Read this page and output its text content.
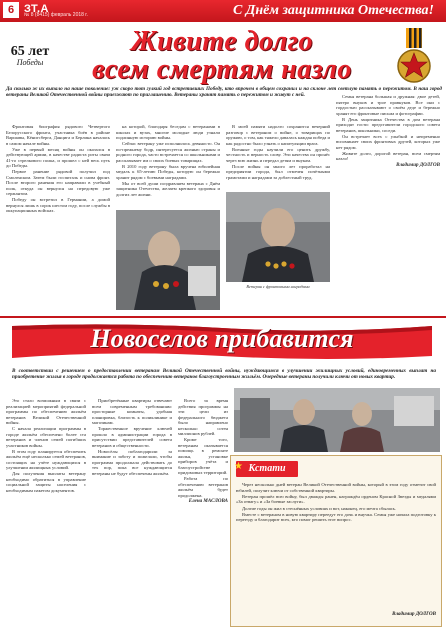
6 ЗТ.А
№ 8 (8415) февраль 2018 г.	С Днём защитника Отечества!
65 лет
Победы
Живите долго
всем смертям назло
Да сколько ж их выпало на наше поколение: уж скоро тот гулкий год встретивших Победу, кто впрочем в общем сохранил и на склоне лет светлую память о пережитом. В наш город ветераны Великой Отечественной войны приезжают по приглашению. Ветераны хранят память о пережитом и живут с ней.

Фронтовая биография рядового Четвертого Белорусского фронта, участника боёв в районе Варшавы, Кёнигсберга, Данцига и Берлина началась в самом начале войны.

Уже в первый месяц войны он оказался в действующей армии, в качестве радиста роты связи 41-го стрелкового полка, и прошел с ней весь путь до Победы.

Первое ранение рядовой получил под Смоленском. Затем были госпиталь и снова фронт. После второго ранения его направили в учебный полк, откуда он вернулся на передовую уже сержантом.

Победу он встретил в Германии, а домой вернулся лишь в сорок шестом году, после службы в оккупационных войсках.

на которой, благодаря беседам с ветеранами в школах и вузах, многие молодые люди узнали подлинную историю войны.

Сейчас ветерану уже исполнилось девяносто. Он по-прежнему бодр, интересуется жизнью страны и родного города, часто встречается со школьниками и рассказывает им о своих боевых товарищах.

В 2010 году ветерану была вручена юбилейная медаль к 65-летию Победы, которую он бережно хранит рядом с боевыми наградами.

Мы от всей души поздравляем ветерана с Днём защитника Отечества, желаем крепкого здоровья и долгих лет жизни.

В моей памяти надолго сохранится вечерний разговор с ветераном о войне, о товарищах по оружию, о том, как тяжело давалась каждая победа и как радостно было узнать о капитуляции врага.

Военные годы научили его ценить дружбу, честность и верность слову. Эти качества он пронёс через всю жизнь и передал детям и внукам.

После войны он много лет проработал на предприятии города, был отмечен почётными грамотами и наградами за доблестный труд.

Ветеран с фронтовыми наградами

Семья ветерана большая и дружная: двое детей, пятеро внуков и трое правнуков. Все они с гордостью рассказывают о своём деде и бережно хранят его фронтовые письма и фотографии.

В День защитника Отечества в дом ветерана приходят гости: представители городского совета ветеранов, школьники, соседи.

Он встречает всех с улыбкой и непременно вспоминает своих фронтовых друзей, которых уже нет рядом.

Живите долго, дорогой ветеран, всем смертям назло!

Владимир ДОЛГОВ
Новоселов прибавится
В соответствии с решением о предоставлении ветеранам Великой Отечественной войны, нуждающимся в улучшении жилищных условий, единовременных выплат на приобретение жилья в городе продолжается работа по обеспечению ветеранов благоустроенным жильём. Очередные ветераны получили ключи от новых квартир.

Это стало возможным в связи с реализацией мероприятий федеральной программы по обеспечению жильём ветеранов Великой Отечественной войны.

С начала реализации программы в городе жильём обеспечено более ста ветеранов и членов семей погибших участников войны.

В этом году планируется обеспечить жильём ещё несколько семей ветеранов, состоящих на учёте нуждающихся в улучшении жилищных условий.

Для получения выплаты ветерану необходимо обратиться в управление социальной защиты населения с необходимым пакетом документов.

Приобретённые квартиры отвечают всем современным требованиям: просторные комнаты, удобная планировка, близость к поликлинике и магазинам.

Торжественное вручение ключей прошло в администрации города в присутствии представителей совета ветеранов и общественности.

Новосёлы поблагодарили за внимание и заботу и пожелали, чтобы программа продолжала действовать до тех пор, пока все нуждающиеся ветераны не будут обеспечены жильём.

Всего за время действия программы на эти цели из федерального бюджета было направлено несколько сотен миллионов рублей.

Кроме того, ветеранам оказывается помощь в ремонте жилья, установке приборов учёта и благоустройстве придомовых территорий.

Работа по обеспечению ветеранов жильём будет продолжена.

Елена МАСЛОВА
Кстати
★

Через несколько дней ветеран Великой Отечественной войны, который в этом году отметит свой юбилей, получит ключи от собственной квартиры.

Ветеран прошёл всю войну, был дважды ранен, награждён орденом Красной Звезды и медалями «За отвагу» и «За боевые заслуги».

Долгие годы он жил в стеснённых условиях и вот, наконец, его мечта сбылась.

Вместе с ветераном в новую квартиру переедут его дочь и внучка. Семья уже начала подготовку к переезду и благодарит всех, кто помог решить этот вопрос.

Владимир ДОЛГОВ
